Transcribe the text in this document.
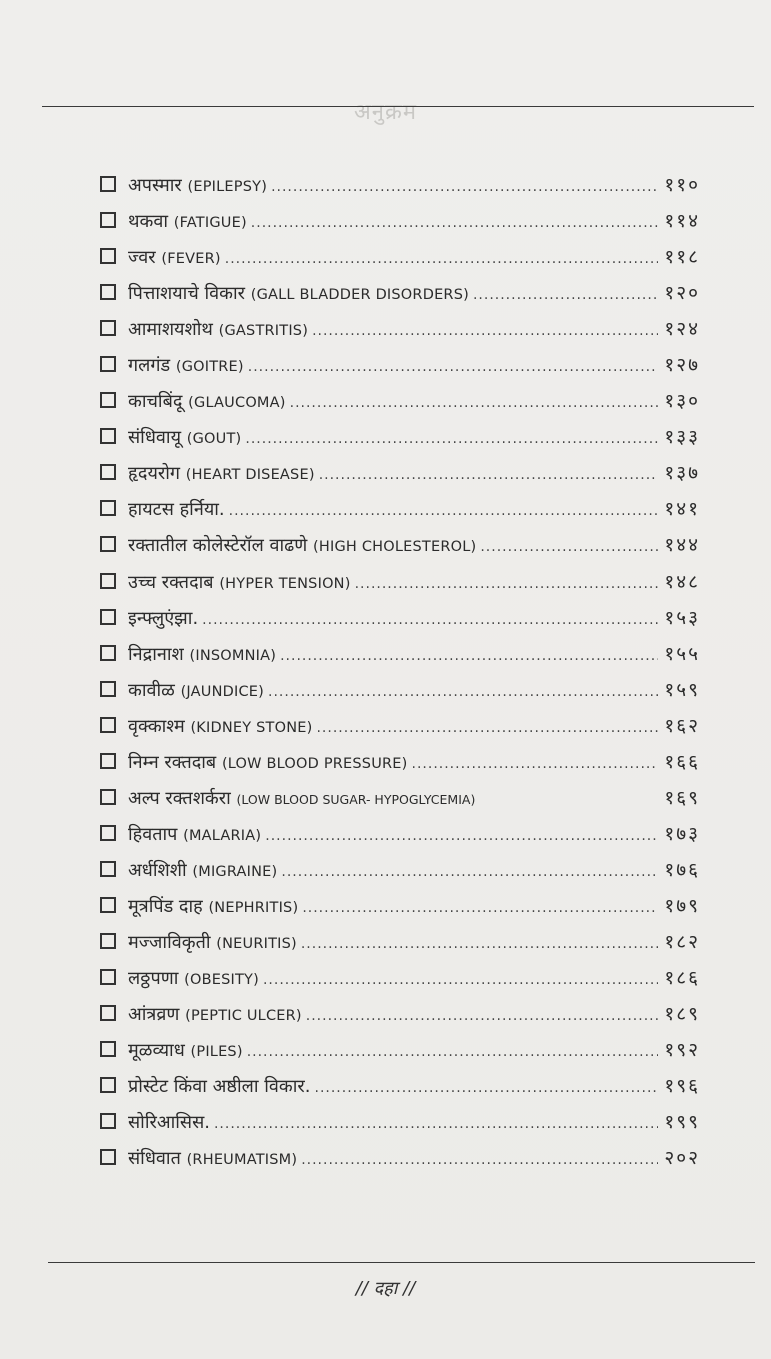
अनुक्रम
अपस्मार (EPILEPSY) .....	११०
थकवा (FATIGUE) .....	११४
ज्वर (FEVER) .....	११८
पित्ताशयाचे विकार (GALL BLADDER DISORDERS) .....	१२०
आमाशयशोथ (GASTRITIS) .....	१२४
गलगंड (GOITRE) .....	१२७
काचबिंदू (GLAUCOMA) .....	१३०
संधिवायू (GOUT) .....	१३३
हृदयरोग (HEART DISEASE) .....	१३७
हायटस हर्निया. .....	१४१
रक्तातील कोलेस्टेरॉल वाढणे (HIGH CHOLESTEROL) .....	१४४
उच्च रक्तदाब (HYPER TENSION) .....	१४८
इन्फ्लुएंझा. .....	१५३
निद्रानाश (INSOMNIA) .....	१५५
कावीळ (JAUNDICE) .....	१५९
वृक्काश्म (KIDNEY STONE) .....	१६२
निम्न रक्तदाब (LOW BLOOD PRESSURE) .....	१६६
अल्प रक्तशर्करा (LOW BLOOD SUGAR- HYPOGLYCEMIA)	१६९
हिवताप (MALARIA) .....	१७३
अर्धशिशी (MIGRAINE) .....	१७६
मूत्रपिंड दाह (NEPHRITIS) .....	१७९
मज्जाविकृती (NEURITIS) .....	१८२
लठ्ठपणा (OBESITY) .....	१८६
आंत्रव्रण (PEPTIC ULCER) .....	१८९
मूळव्याध (PILES) .....	१९२
प्रोस्टेट किंवा अष्ठीला विकार. .....	१९६
सोरिआसिस. .....	१९९
संधिवात (RHEUMATISM) .....	२०२
// दहा //
